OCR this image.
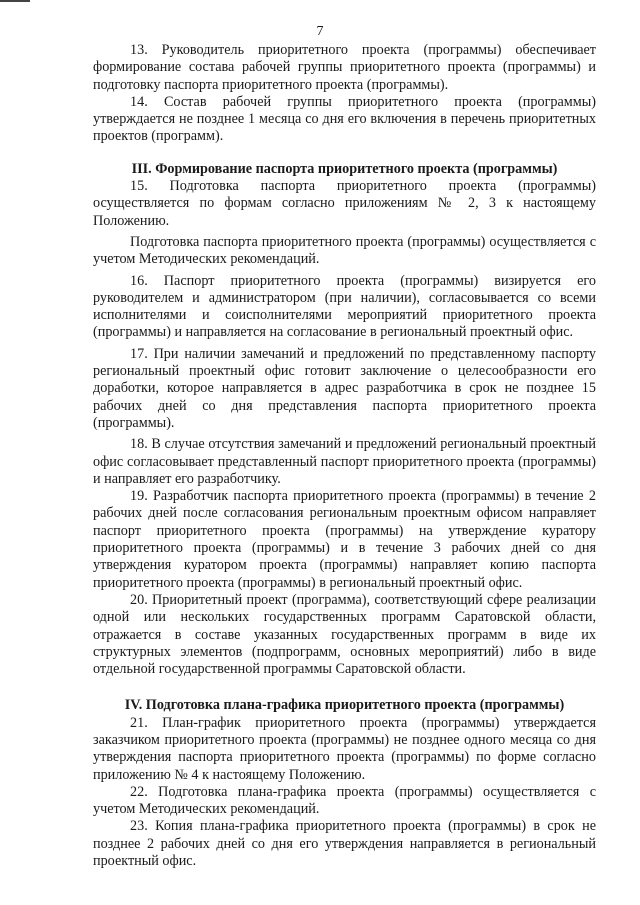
7

13. Руководитель приоритетного проекта (программы) обеспечивает формирование состава рабочей группы приоритетного проекта (программы) и подготовку паспорта приоритетного проекта (программы).

14. Состав рабочей группы приоритетного проекта (программы) утверждается не позднее 1 месяца со дня его включения в перечень приоритетных проектов (программ).

III. Формирование паспорта приоритетного проекта (программы)

15. Подготовка паспорта приоритетного проекта (программы) осуществляется по формам согласно приложениям № 2, 3 к настоящему Положению.

Подготовка паспорта приоритетного проекта (программы) осуществляется с учетом Методических рекомендаций.

16. Паспорт приоритетного проекта (программы) визируется его руководителем и администратором (при наличии), согласовывается со всеми исполнителями и соисполнителями мероприятий приоритетного проекта (программы) и направляется на согласование в региональный проектный офис.

17. При наличии замечаний и предложений по представленному паспорту региональный проектный офис готовит заключение о целесообразности его доработки, которое направляется в адрес разработчика в срок не позднее 15 рабочих дней со дня представления паспорта приоритетного проекта (программы).

18. В случае отсутствия замечаний и предложений региональный проектный офис согласовывает представленный паспорт приоритетного проекта (программы) и направляет его разработчику.

19. Разработчик паспорта приоритетного проекта (программы) в течение 2 рабочих дней после согласования региональным проектным офисом направляет паспорт приоритетного проекта (программы) на утверждение куратору приоритетного проекта (программы) и в течение 3 рабочих дней со дня утверждения куратором проекта (программы) направляет копию паспорта приоритетного проекта (программы) в региональный проектный офис.

20. Приоритетный проект (программа), соответствующий сфере реализации одной или нескольких государственных программ Саратовской области, отражается в составе указанных государственных программ в виде их структурных элементов (подпрограмм, основных мероприятий) либо в виде отдельной государственной программы Саратовской области.

IV. Подготовка плана-графика приоритетного проекта (программы)

21. План-график приоритетного проекта (программы) утверждается заказчиком приоритетного проекта (программы) не позднее одного месяца со дня утверждения паспорта приоритетного проекта (программы) по форме согласно приложению № 4 к настоящему Положению.

22. Подготовка плана-графика проекта (программы) осуществляется с учетом Методических рекомендаций.

23. Копия плана-графика приоритетного проекта (программы) в срок не позднее 2 рабочих дней со дня его утверждения направляется в региональный проектный офис.
